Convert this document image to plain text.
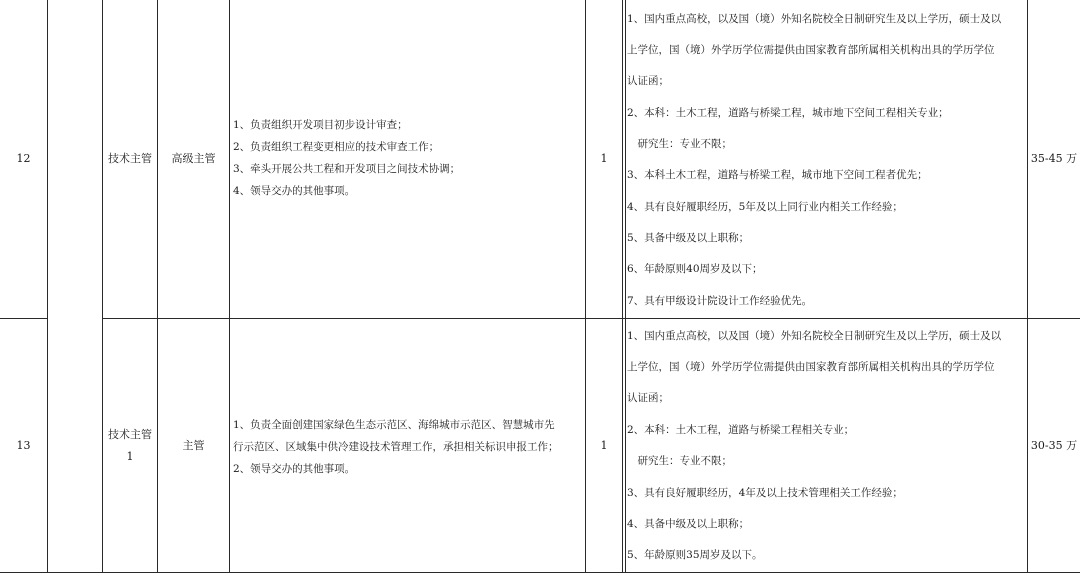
12	技术主管	高级主管
1、负责组织开发项目初步设计审查；
2、负责组织工程变更相应的技术审查工作；
3、牵头开展公共工程和开发项目之间技术协调；
4、领导交办的其他事项。
1
1、国内重点高校，以及国（境）外知名院校全日制研究生及以上学历，硕士及以
上学位，国（境）外学历学位需提供由国家教育部所属相关机构出具的学历学位
认证函；
2、本科：土木工程，道路与桥梁工程，城市地下空间工程相关专业；
　研究生：专业不限；
3、本科土木工程，道路与桥梁工程，城市地下空间工程者优先；
4、具有良好履职经历，5年及以上同行业内相关工作经验；
5、具备中级及以上职称；
6、年龄原则40周岁及以下；
7、具有甲级设计院设计工作经验优先。
35-45 万
13
技术主管
1
主管
1、负责全面创建国家绿色生态示范区、海绵城市示范区、智慧城市先
行示范区、区域集中供冷建设技术管理工作，承担相关标识申报工作；
2、领导交办的其他事项。
1
1、国内重点高校，以及国（境）外知名院校全日制研究生及以上学历，硕士及以
上学位，国（境）外学历学位需提供由国家教育部所属相关机构出具的学历学位
认证函；
2、本科：土木工程，道路与桥梁工程相关专业；
　研究生：专业不限；
3、具有良好履职经历，4年及以上技术管理相关工作经验；
4、具备中级及以上职称；
5、年龄原则35周岁及以下。
30-35 万
